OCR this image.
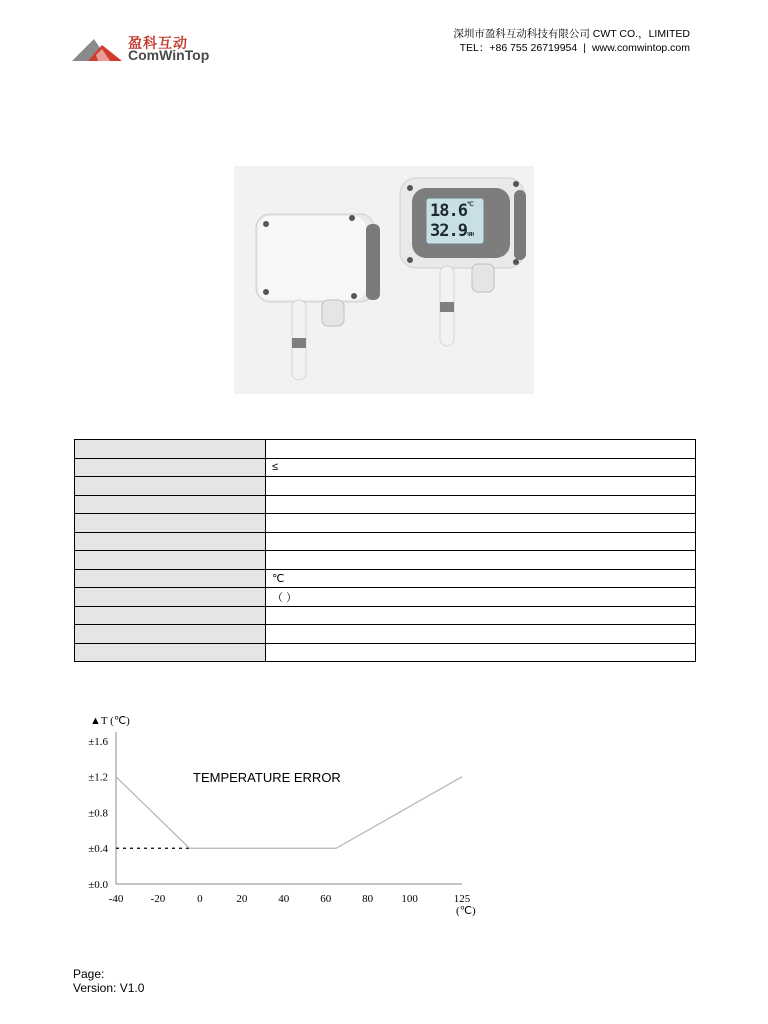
盈科互动
ComWinTop
深圳市盈科互动科技有限公司 CWT CO.，LIMITED
TEL：+86 755 26719954 | www.comwintop.com
18.6℃
32.9%RH

	≤

	℃
	（ ）

±0.0
±0.4
±0.8
±1.2
±1.6
-40 -20	0	20	40	60	80	100	125
TEMPERATURE ERROR
▲T (℃)
(℃)
Page:
Version: V1.0
